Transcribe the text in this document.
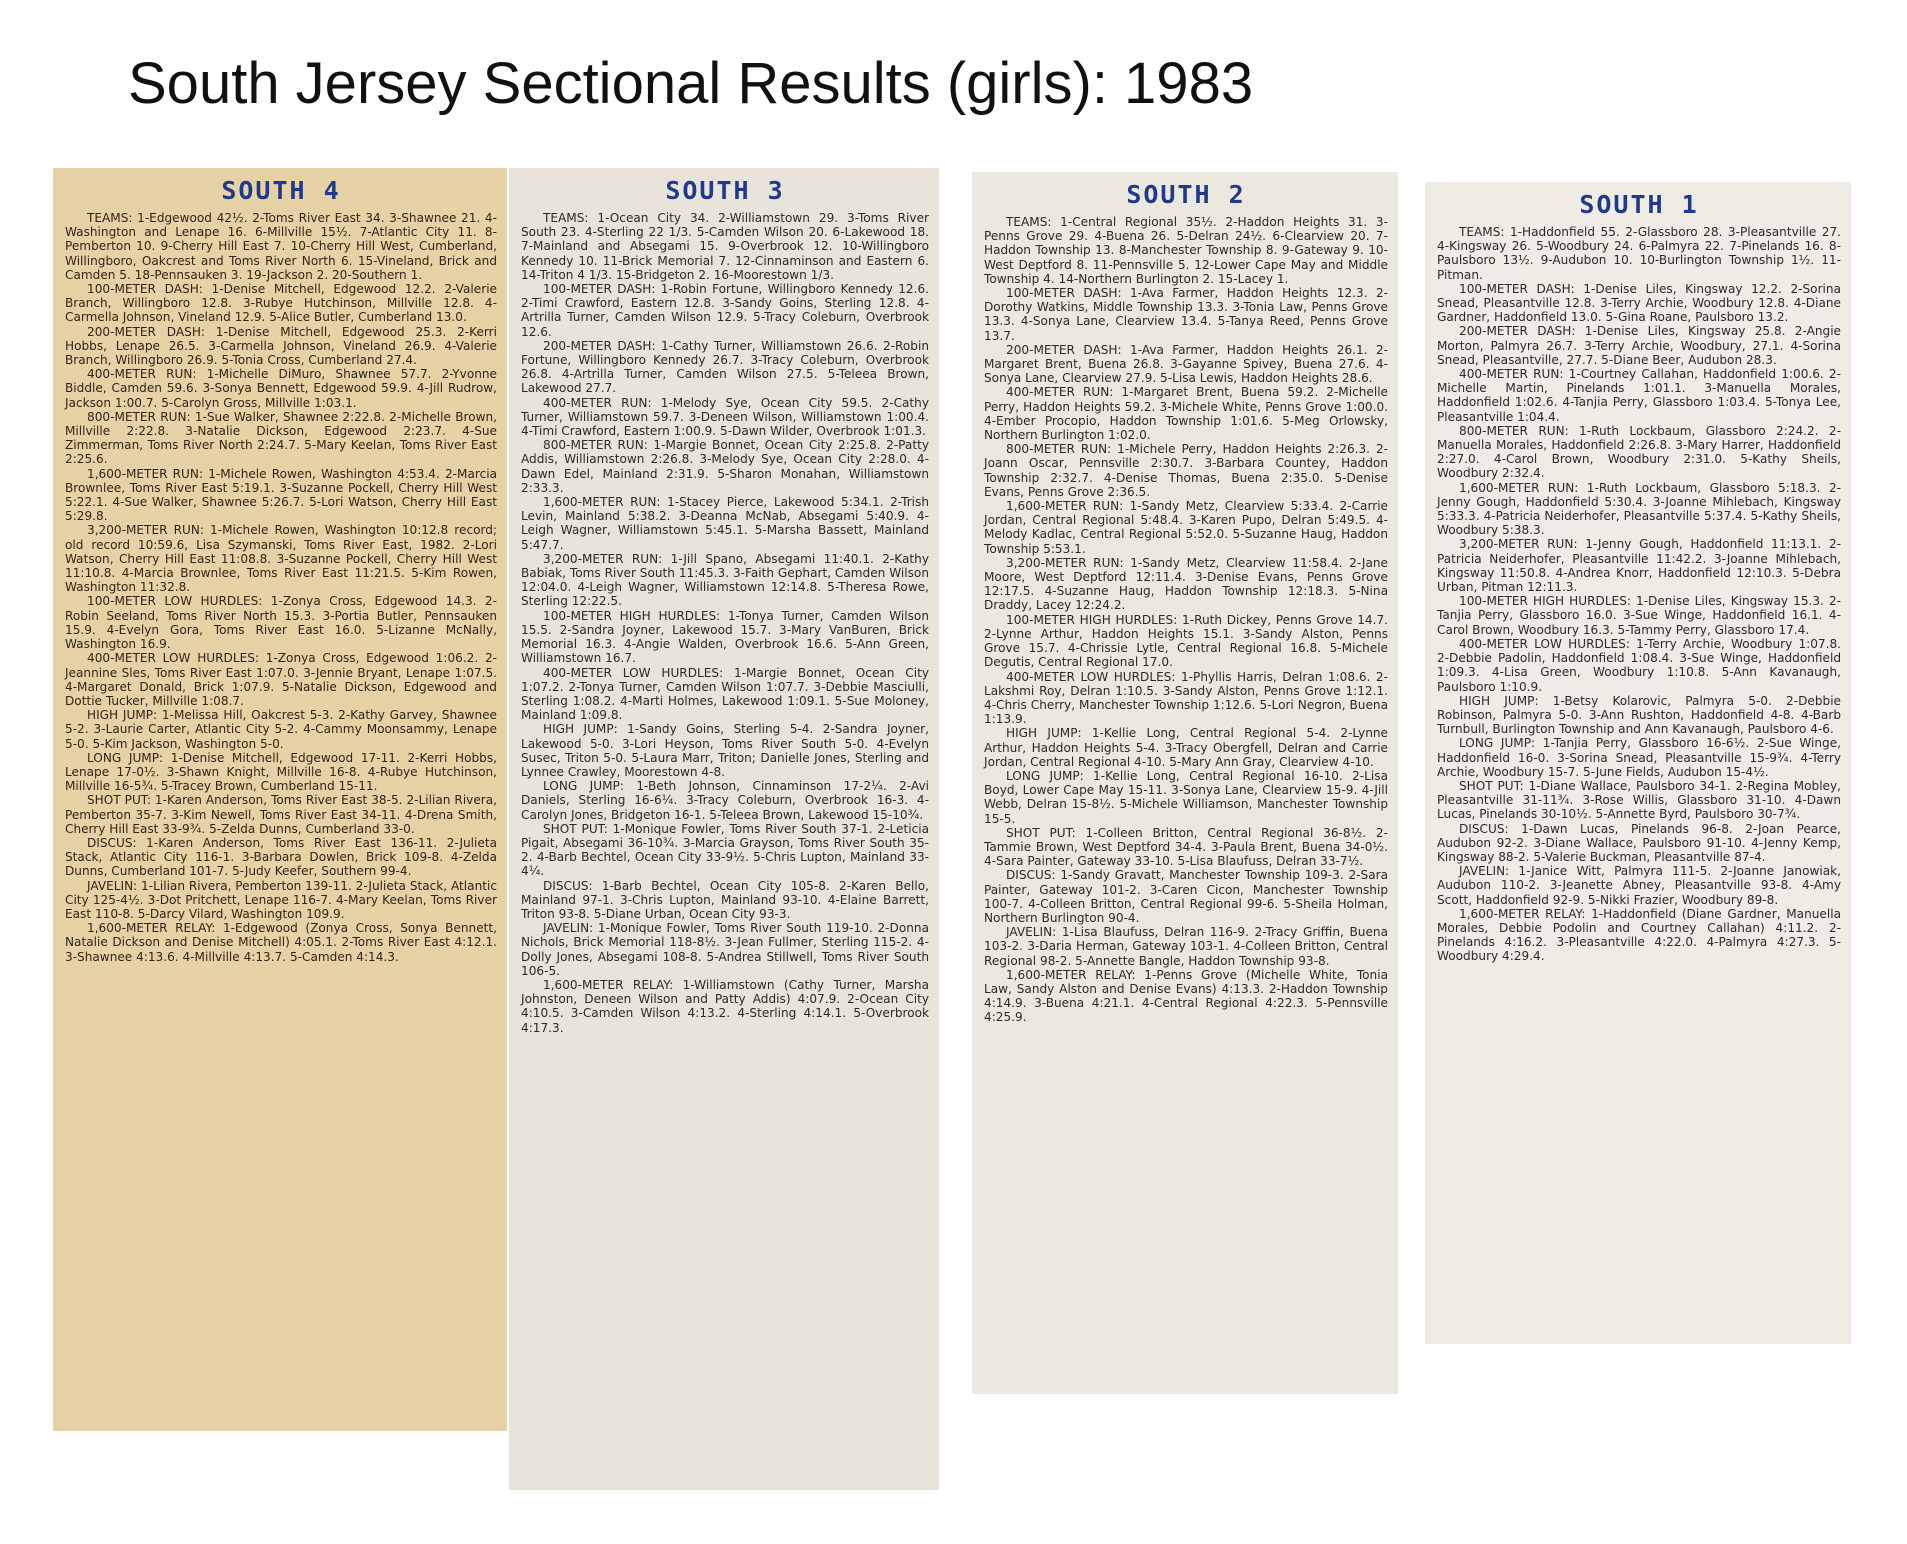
South Jersey Sectional Results (girls): 1983
SOUTH 4

TEAMS: 1-Edgewood 42½. 2-Toms River East 34. 3-Shawnee 21. 4-Washington and Lenape 16. 6-Millville 15½. 7-Atlantic City 11. 8-Pemberton 10. 9-Cherry Hill East 7. 10-Cherry Hill West, Cumberland, Willingboro, Oakcrest and Toms River North 6. 15-Vineland, Brick and Camden 5. 18-Pennsauken 3. 19-Jackson 2. 20-Southern 1.

100-METER DASH: 1-Denise Mitchell, Edgewood 12.2. 2-Valerie Branch, Willingboro 12.8. 3-Rubye Hutchinson, Millville 12.8. 4-Carmella Johnson, Vineland 12.9. 5-Alice Butler, Cumberland 13.0.

200-METER DASH: 1-Denise Mitchell, Edgewood 25.3. 2-Kerri Hobbs, Lenape 26.5. 3-Carmella Johnson, Vineland 26.9. 4-Valerie Branch, Willingboro 26.9. 5-Tonia Cross, Cumberland 27.4.

400-METER RUN: 1-Michelle DiMuro, Shawnee 57.7. 2-Yvonne Biddle, Camden 59.6. 3-Sonya Bennett, Edgewood 59.9. 4-Jill Rudrow, Jackson 1:00.7. 5-Carolyn Gross, Millville 1:03.1.

800-METER RUN: 1-Sue Walker, Shawnee 2:22.8. 2-Michelle Brown, Millville 2:22.8. 3-Natalie Dickson, Edgewood 2:23.7. 4-Sue Zimmerman, Toms River North 2:24.7. 5-Mary Keelan, Toms River East 2:25.6.

1,600-METER RUN: 1-Michele Rowen, Washington 4:53.4. 2-Marcia Brownlee, Toms River East 5:19.1. 3-Suzanne Pockell, Cherry Hill West 5:22.1. 4-Sue Walker, Shawnee 5:26.7. 5-Lori Watson, Cherry Hill East 5:29.8.

3,200-METER RUN: 1-Michele Rowen, Washington 10:12.8 record; old record 10:59.6, Lisa Szymanski, Toms River East, 1982. 2-Lori Watson, Cherry Hill East 11:08.8. 3-Suzanne Pockell, Cherry Hill West 11:10.8. 4-Marcia Brownlee, Toms River East 11:21.5. 5-Kim Rowen, Washington 11:32.8.

100-METER LOW HURDLES: 1-Zonya Cross, Edgewood 14.3. 2-Robin Seeland, Toms River North 15.3. 3-Portia Butler, Pennsauken 15.9. 4-Evelyn Gora, Toms River East 16.0. 5-Lizanne McNally, Washington 16.9.

400-METER LOW HURDLES: 1-Zonya Cross, Edgewood 1:06.2. 2-Jeannine Sles, Toms River East 1:07.0. 3-Jennie Bryant, Lenape 1:07.5. 4-Margaret Donald, Brick 1:07.9. 5-Natalie Dickson, Edgewood and Dottie Tucker, Millville 1:08.7.

HIGH JUMP: 1-Melissa Hill, Oakcrest 5-3. 2-Kathy Garvey, Shawnee 5-2. 3-Laurie Carter, Atlantic City 5-2. 4-Cammy Moonsammy, Lenape 5-0. 5-Kim Jackson, Washington 5-0.

LONG JUMP: 1-Denise Mitchell, Edgewood 17-11. 2-Kerri Hobbs, Lenape 17-0½. 3-Shawn Knight, Millville 16-8. 4-Rubye Hutchinson, Millville 16-5¾. 5-Tracey Brown, Cumberland 15-11.

SHOT PUT: 1-Karen Anderson, Toms River East 38-5. 2-Lilian Rivera, Pemberton 35-7. 3-Kim Newell, Toms River East 34-11. 4-Drena Smith, Cherry Hill East 33-9¾. 5-Zelda Dunns, Cumberland 33-0.

DISCUS: 1-Karen Anderson, Toms River East 136-11. 2-Julieta Stack, Atlantic City 116-1. 3-Barbara Dowlen, Brick 109-8. 4-Zelda Dunns, Cumberland 101-7. 5-Judy Keefer, Southern 99-4.

JAVELIN: 1-Lilian Rivera, Pemberton 139-11. 2-Julieta Stack, Atlantic City 125-4½. 3-Dot Pritchett, Lenape 116-7. 4-Mary Keelan, Toms River East 110-8. 5-Darcy Vilard, Washington 109.9.

1,600-METER RELAY: 1-Edgewood (Zonya Cross, Sonya Bennett, Natalie Dickson and Denise Mitchell) 4:05.1. 2-Toms River East 4:12.1. 3-Shawnee 4:13.6. 4-Millville 4:13.7. 5-Camden 4:14.3.

SOUTH 3

TEAMS: 1-Ocean City 34. 2-Williamstown 29. 3-Toms River South 23. 4-Sterling 22 1/3. 5-Camden Wilson 20. 6-Lakewood 18. 7-Mainland and Absegami 15. 9-Overbrook 12. 10-Willingboro Kennedy 10. 11-Brick Memorial 7. 12-Cinnaminson and Eastern 6. 14-Triton 4 1/3. 15-Bridgeton 2. 16-Moorestown 1/3.

100-METER DASH: 1-Robin Fortune, Willingboro Kennedy 12.6. 2-Timi Crawford, Eastern 12.8. 3-Sandy Goins, Sterling 12.8. 4-Artrilla Turner, Camden Wilson 12.9. 5-Tracy Coleburn, Overbrook 12.6.

200-METER DASH: 1-Cathy Turner, Williamstown 26.6. 2-Robin Fortune, Willingboro Kennedy 26.7. 3-Tracy Coleburn, Overbrook 26.8. 4-Artrilla Turner, Camden Wilson 27.5. 5-Teleea Brown, Lakewood 27.7.

400-METER RUN: 1-Melody Sye, Ocean City 59.5. 2-Cathy Turner, Williamstown 59.7. 3-Deneen Wilson, Williamstown 1:00.4. 4-Timi Crawford, Eastern 1:00.9. 5-Dawn Wilder, Overbrook 1:01.3.

800-METER RUN: 1-Margie Bonnet, Ocean City 2:25.8. 2-Patty Addis, Williamstown 2:26.8. 3-Melody Sye, Ocean City 2:28.0. 4-Dawn Edel, Mainland 2:31.9. 5-Sharon Monahan, Williamstown 2:33.3.

1,600-METER RUN: 1-Stacey Pierce, Lakewood 5:34.1. 2-Trish Levin, Mainland 5:38.2. 3-Deanna McNab, Absegami 5:40.9. 4-Leigh Wagner, Williamstown 5:45.1. 5-Marsha Bassett, Mainland 5:47.7.

3,200-METER RUN: 1-Jill Spano, Absegami 11:40.1. 2-Kathy Babiak, Toms River South 11:45.3. 3-Faith Gephart, Camden Wilson 12:04.0. 4-Leigh Wagner, Williamstown 12:14.8. 5-Theresa Rowe, Sterling 12:22.5.

100-METER HIGH HURDLES: 1-Tonya Turner, Camden Wilson 15.5. 2-Sandra Joyner, Lakewood 15.7. 3-Mary VanBuren, Brick Memorial 16.3. 4-Angie Walden, Overbrook 16.6. 5-Ann Green, Williamstown 16.7.

400-METER LOW HURDLES: 1-Margie Bonnet, Ocean City 1:07.2. 2-Tonya Turner, Camden Wilson 1:07.7. 3-Debbie Masciulli, Sterling 1:08.2. 4-Marti Holmes, Lakewood 1:09.1. 5-Sue Moloney, Mainland 1:09.8.

HIGH JUMP: 1-Sandy Goins, Sterling 5-4. 2-Sandra Joyner, Lakewood 5-0. 3-Lori Heyson, Toms River South 5-0. 4-Evelyn Susec, Triton 5-0. 5-Laura Marr, Triton; Danielle Jones, Sterling and Lynnee Crawley, Moorestown 4-8.

LONG JUMP: 1-Beth Johnson, Cinnaminson 17-2¼. 2-Avi Daniels, Sterling 16-6¼. 3-Tracy Coleburn, Overbrook 16-3. 4-Carolyn Jones, Bridgeton 16-1. 5-Teleea Brown, Lakewood 15-10¾.

SHOT PUT: 1-Monique Fowler, Toms River South 37-1. 2-Leticia Pigait, Absegami 36-10¾. 3-Marcia Grayson, Toms River South 35-2. 4-Barb Bechtel, Ocean City 33-9½. 5-Chris Lupton, Mainland 33-4¼.

DISCUS: 1-Barb Bechtel, Ocean City 105-8. 2-Karen Bello, Mainland 97-1. 3-Chris Lupton, Mainland 93-10. 4-Elaine Barrett, Triton 93-8. 5-Diane Urban, Ocean City 93-3.

JAVELIN: 1-Monique Fowler, Toms River South 119-10. 2-Donna Nichols, Brick Memorial 118-8½. 3-Jean Fullmer, Sterling 115-2. 4-Dolly Jones, Absegami 108-8. 5-Andrea Stillwell, Toms River South 106-5.

1,600-METER RELAY: 1-Williamstown (Cathy Turner, Marsha Johnston, Deneen Wilson and Patty Addis) 4:07.9. 2-Ocean City 4:10.5. 3-Camden Wilson 4:13.2. 4-Sterling 4:14.1. 5-Overbrook 4:17.3.

SOUTH 2

TEAMS: 1-Central Regional 35½. 2-Haddon Heights 31. 3-Penns Grove 29. 4-Buena 26. 5-Delran 24½. 6-Clearview 20. 7-Haddon Township 13. 8-Manchester Township 8. 9-Gateway 9. 10-West Deptford 8. 11-Pennsville 5. 12-Lower Cape May and Middle Township 4. 14-Northern Burlington 2. 15-Lacey 1.

100-METER DASH: 1-Ava Farmer, Haddon Heights 12.3. 2-Dorothy Watkins, Middle Township 13.3. 3-Tonia Law, Penns Grove 13.3. 4-Sonya Lane, Clearview 13.4. 5-Tanya Reed, Penns Grove 13.7.

200-METER DASH: 1-Ava Farmer, Haddon Heights 26.1. 2-Margaret Brent, Buena 26.8. 3-Gayanne Spivey, Buena 27.6. 4-Sonya Lane, Clearview 27.9. 5-Lisa Lewis, Haddon Heights 28.6.

400-METER RUN: 1-Margaret Brent, Buena 59.2. 2-Michelle Perry, Haddon Heights 59.2. 3-Michele White, Penns Grove 1:00.0. 4-Ember Procopio, Haddon Township 1:01.6. 5-Meg Orlowsky, Northern Burlington 1:02.0.

800-METER RUN: 1-Michele Perry, Haddon Heights 2:26.3. 2-Joann Oscar, Pennsville 2:30.7. 3-Barbara Countey, Haddon Township 2:32.7. 4-Denise Thomas, Buena 2:35.0. 5-Denise Evans, Penns Grove 2:36.5.

1,600-METER RUN: 1-Sandy Metz, Clearview 5:33.4. 2-Carrie Jordan, Central Regional 5:48.4. 3-Karen Pupo, Delran 5:49.5. 4-Melody Kadlac, Central Regional 5:52.0. 5-Suzanne Haug, Haddon Township 5:53.1.

3,200-METER RUN: 1-Sandy Metz, Clearview 11:58.4. 2-Jane Moore, West Deptford 12:11.4. 3-Denise Evans, Penns Grove 12:17.5. 4-Suzanne Haug, Haddon Township 12:18.3. 5-Nina Draddy, Lacey 12:24.2.

100-METER HIGH HURDLES: 1-Ruth Dickey, Penns Grove 14.7. 2-Lynne Arthur, Haddon Heights 15.1. 3-Sandy Alston, Penns Grove 15.7. 4-Chrissie Lytle, Central Regional 16.8. 5-Michele Degutis, Central Regional 17.0.

400-METER LOW HURDLES: 1-Phyllis Harris, Delran 1:08.6. 2-Lakshmi Roy, Delran 1:10.5. 3-Sandy Alston, Penns Grove 1:12.1. 4-Chris Cherry, Manchester Township 1:12.6. 5-Lori Negron, Buena 1:13.9.

HIGH JUMP: 1-Kellie Long, Central Regional 5-4. 2-Lynne Arthur, Haddon Heights 5-4. 3-Tracy Obergfell, Delran and Carrie Jordan, Central Regional 4-10. 5-Mary Ann Gray, Clearview 4-10.

LONG JUMP: 1-Kellie Long, Central Regional 16-10. 2-Lisa Boyd, Lower Cape May 15-11. 3-Sonya Lane, Clearview 15-9. 4-Jill Webb, Delran 15-8½. 5-Michele Williamson, Manchester Township 15-5.

SHOT PUT: 1-Colleen Britton, Central Regional 36-8½. 2-Tammie Brown, West Deptford 34-4. 3-Paula Brent, Buena 34-0½. 4-Sara Painter, Gateway 33-10. 5-Lisa Blaufuss, Delran 33-7½.

DISCUS: 1-Sandy Gravatt, Manchester Township 109-3. 2-Sara Painter, Gateway 101-2. 3-Caren Cicon, Manchester Township 100-7. 4-Colleen Britton, Central Regional 99-6. 5-Sheila Holman, Northern Burlington 90-4.

JAVELIN: 1-Lisa Blaufuss, Delran 116-9. 2-Tracy Griffin, Buena 103-2. 3-Daria Herman, Gateway 103-1. 4-Colleen Britton, Central Regional 98-2. 5-Annette Bangle, Haddon Township 93-8.

1,600-METER RELAY: 1-Penns Grove (Michelle White, Tonia Law, Sandy Alston and Denise Evans) 4:13.3. 2-Haddon Township 4:14.9. 3-Buena 4:21.1. 4-Central Regional 4:22.3. 5-Pennsville 4:25.9.

SOUTH 1

TEAMS: 1-Haddonfield 55. 2-Glassboro 28. 3-Pleasantville 27. 4-Kingsway 26. 5-Woodbury 24. 6-Palmyra 22. 7-Pinelands 16. 8-Paulsboro 13½. 9-Audubon 10. 10-Burlington Township 1½. 11-Pitman.

100-METER DASH: 1-Denise Liles, Kingsway 12.2. 2-Sorina Snead, Pleasantville 12.8. 3-Terry Archie, Woodbury 12.8. 4-Diane Gardner, Haddonfield 13.0. 5-Gina Roane, Paulsboro 13.2.

200-METER DASH: 1-Denise Liles, Kingsway 25.8. 2-Angie Morton, Palmyra 26.7. 3-Terry Archie, Woodbury, 27.1. 4-Sorina Snead, Pleasantville, 27.7. 5-Diane Beer, Audubon 28.3.

400-METER RUN: 1-Courtney Callahan, Haddonfield 1:00.6. 2-Michelle Martin, Pinelands 1:01.1. 3-Manuella Morales, Haddonfield 1:02.6. 4-Tanjia Perry, Glassboro 1:03.4. 5-Tonya Lee, Pleasantville 1:04.4.

800-METER RUN: 1-Ruth Lockbaum, Glassboro 2:24.2. 2-Manuella Morales, Haddonfield 2:26.8. 3-Mary Harrer, Haddonfield 2:27.0. 4-Carol Brown, Woodbury 2:31.0. 5-Kathy Sheils, Woodbury 2:32.4.

1,600-METER RUN: 1-Ruth Lockbaum, Glassboro 5:18.3. 2-Jenny Gough, Haddonfield 5:30.4. 3-Joanne Mihlebach, Kingsway 5:33.3. 4-Patricia Neiderhofer, Pleasantville 5:37.4. 5-Kathy Sheils, Woodbury 5:38.3.

3,200-METER RUN: 1-Jenny Gough, Haddonfield 11:13.1. 2-Patricia Neiderhofer, Pleasantville 11:42.2. 3-Joanne Mihlebach, Kingsway 11:50.8. 4-Andrea Knorr, Haddonfield 12:10.3. 5-Debra Urban, Pitman 12:11.3.

100-METER HIGH HURDLES: 1-Denise Liles, Kingsway 15.3. 2-Tanjia Perry, Glassboro 16.0. 3-Sue Winge, Haddonfield 16.1. 4-Carol Brown, Woodbury 16.3. 5-Tammy Perry, Glassboro 17.4.

400-METER LOW HURDLES: 1-Terry Archie, Woodbury 1:07.8. 2-Debbie Padolin, Haddonfield 1:08.4. 3-Sue Winge, Haddonfield 1:09.3. 4-Lisa Green, Woodbury 1:10.8. 5-Ann Kavanaugh, Paulsboro 1:10.9.

HIGH JUMP: 1-Betsy Kolarovic, Palmyra 5-0. 2-Debbie Robinson, Palmyra 5-0. 3-Ann Rushton, Haddonfield 4-8. 4-Barb Turnbull, Burlington Township and Ann Kavanaugh, Paulsboro 4-6.

LONG JUMP: 1-Tanjia Perry, Glassboro 16-6½. 2-Sue Winge, Haddonfield 16-0. 3-Sorina Snead, Pleasantville 15-9¾. 4-Terry Archie, Woodbury 15-7. 5-June Fields, Audubon 15-4½.

SHOT PUT: 1-Diane Wallace, Paulsboro 34-1. 2-Regina Mobley, Pleasantville 31-11¾. 3-Rose Willis, Glassboro 31-10. 4-Dawn Lucas, Pinelands 30-10½. 5-Annette Byrd, Paulsboro 30-7¾.

DISCUS: 1-Dawn Lucas, Pinelands 96-8. 2-Joan Pearce, Audubon 92-2. 3-Diane Wallace, Paulsboro 91-10. 4-Jenny Kemp, Kingsway 88-2. 5-Valerie Buckman, Pleasantville 87-4.

JAVELIN: 1-Janice Witt, Palmyra 111-5. 2-Joanne Janowiak, Audubon 110-2. 3-Jeanette Abney, Pleasantville 93-8. 4-Amy Scott, Haddonfield 92-9. 5-Nikki Frazier, Woodbury 89-8.

1,600-METER RELAY: 1-Haddonfield (Diane Gardner, Manuella Morales, Debbie Podolin and Courtney Callahan) 4:11.2. 2-Pinelands 4:16.2. 3-Pleasantville 4:22.0. 4-Palmyra 4:27.3. 5-Woodbury 4:29.4.
